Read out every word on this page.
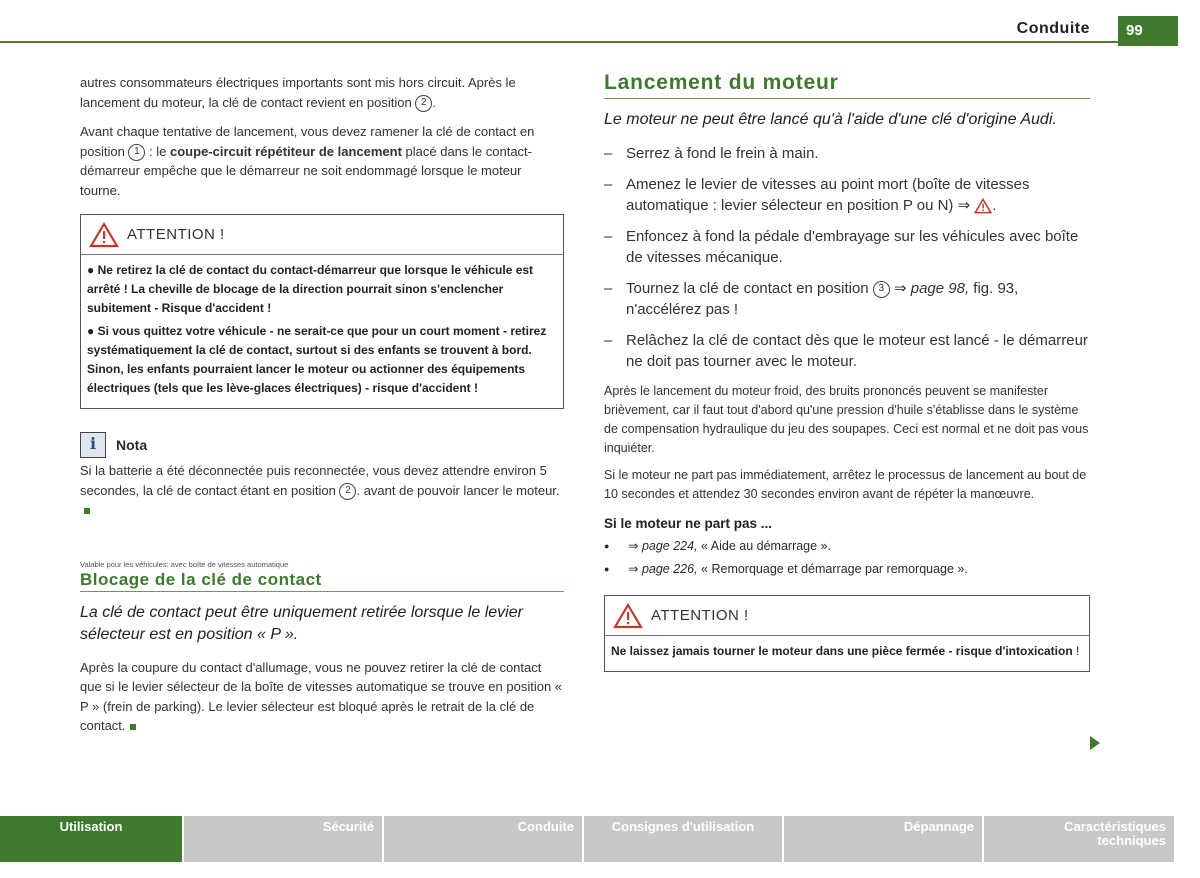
Conduite	99

autres consommateurs électriques importants sont mis hors circuit. Après le lancement du moteur, la clé de contact revient en position 2 .

Avant chaque tentative de lancement, vous devez ramener la clé de contact en position 1 : le coupe-circuit répétiteur de lancement placé dans le contact-démarreur empêche que le démarreur ne soit endommagé lorsque le moteur tourne.

ATTENTION !

● Ne retirez la clé de contact du contact-démarreur que lorsque le véhicule est arrêté ! La cheville de blocage de la direction pourrait sinon s'enclencher subitement - Risque d'accident !

● Si vous quittez votre véhicule - ne serait-ce que pour un court moment - retirez systématiquement la clé de contact, surtout si des enfants se trouvent à bord. Sinon, les enfants pourraient lancer le moteur ou actionner des équipements électriques (tels que les lève-glaces électriques) - risque d'accident !

i	Nota

Si la batterie a été déconnectée puis reconnectée, vous devez attendre environ 5 secondes, la clé de contact étant en position 2 . avant de pouvoir lancer le moteur.

Valable pour les véhicules: avec boîte de vitesses automatique
Blocage de la clé de contact
La clé de contact peut être uniquement retirée lorsque le levier sélecteur est en position « P ».

Après la coupure du contact d'allumage, vous ne pouvez retirer la clé de contact que si le levier sélecteur de la boîte de vitesses automatique se trouve en position « P » (frein de parking). Le levier sélecteur est bloqué après le retrait de la clé de contact.

Lancement du moteur
Le moteur ne peut être lancé qu'à l'aide d'une clé d'origine Audi.
– Serrez à fond le frein à main.
– Amenez le levier de vitesses au point mort (boîte de vitesses automatique : levier sélecteur en position P ou N) ⇒ .
– Enfoncez à fond la pédale d'embrayage sur les véhicules avec boîte de vitesses mécanique.
– Tournez la clé de contact en position 3 ⇒ page 98, fig. 93, n'accélérez pas !
– Relâchez la clé de contact dès que le moteur est lancé - le démarreur ne doit pas tourner avec le moteur.

Après le lancement du moteur froid, des bruits prononcés peuvent se manifester brièvement, car il faut tout d'abord qu'une pression d'huile s'établisse dans le système de compensation hydraulique du jeu des soupapes. Ceci est normal et ne doit pas vous inquiéter.

Si le moteur ne part pas immédiatement, arrêtez le processus de lancement au bout de 10 secondes et attendez 30 secondes environ avant de répéter la manœuvre.

Si le moteur ne part pas ...
● ⇒ page 224, « Aide au démarrage ».
● ⇒ page 226, « Remorquage et démarrage par remorquage ».
ATTENTION !

Ne laissez jamais tourner le moteur dans une pièce fermée - risque d'intoxication !

Utilisation	Sécurité	Conduite	Consignes d'utilisation	Dépannage	Caractéristiques techniques
